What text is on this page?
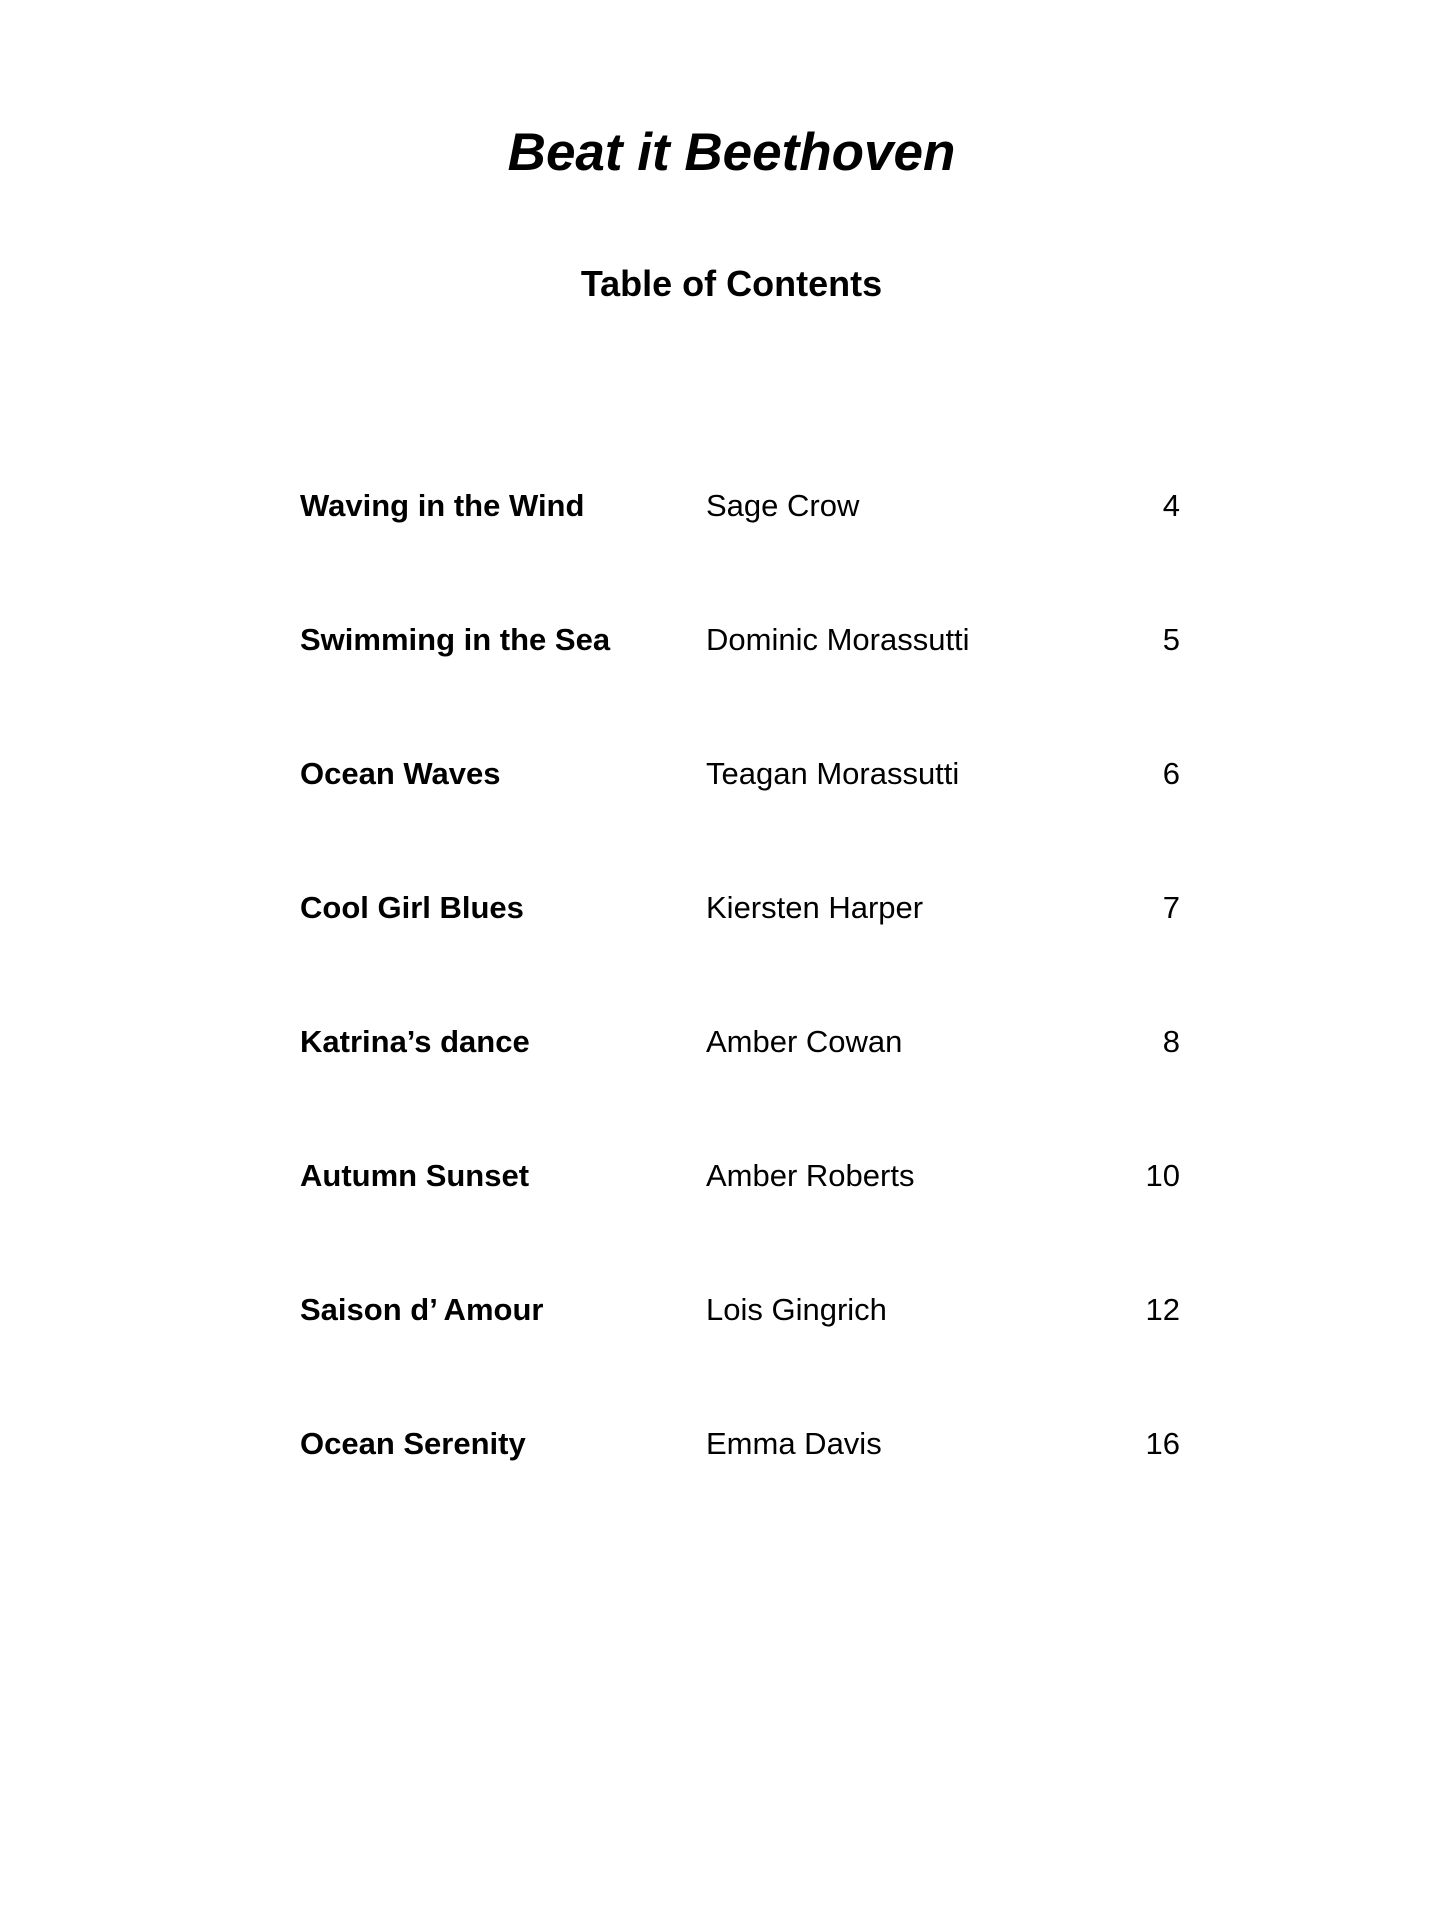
Beat it Beethoven
Table of Contents
Waving in the Wind	Sage Crow	4
Swimming in the Sea	Dominic Morassutti	5
Ocean Waves	Teagan Morassutti	6
Cool Girl Blues	Kiersten Harper	7
Katrina’s dance	Amber Cowan	8
Autumn Sunset	Amber Roberts	10
Saison d’ Amour	Lois Gingrich	12
Ocean Serenity	Emma Davis	16
